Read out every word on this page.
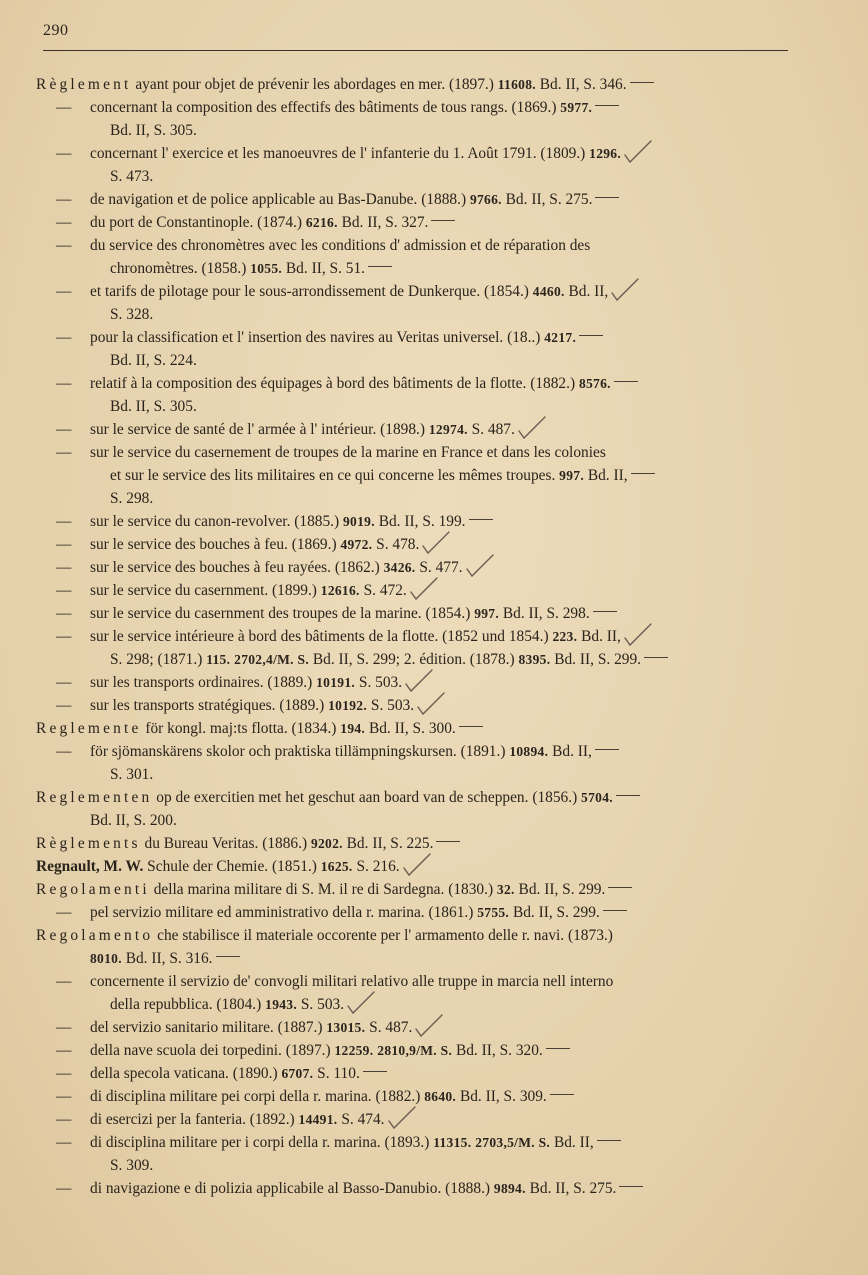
290
Règlement ayant pour objet de prévenir les abordages en mer. (1897.) 11608. Bd. II, S. 346.
— concernant la composition des effectifs des bâtiments de tous rangs. (1869.) 5977.
Bd. II, S. 305.
— concernant l' exercice et les manoeuvres de l' infanterie du 1. Août 1791. (1809.) 1296.
S. 473.
— de navigation et de police applicable au Bas-Danube. (1888.) 9766. Bd. II, S. 275.
— du port de Constantinople. (1874.) 6216. Bd. II, S. 327.
— du service des chronomètres avec les conditions d' admission et de réparation des
chronomètres. (1858.) 1055. Bd. II, S. 51.
— et tarifs de pilotage pour le sous-arrondissement de Dunkerque. (1854.) 4460. Bd. II,
S. 328.
— pour la classification et l' insertion des navires au Veritas universel. (18..) 4217.
Bd. II, S. 224.
— relatif à la composition des équipages à bord des bâtiments de la flotte. (1882.) 8576.
Bd. II, S. 305.
— sur le service de santé de l' armée à l' intérieur. (1898.) 12974. S. 487.
— sur le service du casernement de troupes de la marine en France et dans les colonies
et sur le service des lits militaires en ce qui concerne les mêmes troupes. 997. Bd. II,
S. 298.
— sur le service du canon-revolver. (1885.) 9019. Bd. II, S. 199.
— sur le service des bouches à feu. (1869.) 4972. S. 478.
— sur le service des bouches à feu rayées. (1862.) 3426. S. 477.
— sur le service du casernment. (1899.) 12616. S. 472.
— sur le service du casernment des troupes de la marine. (1854.) 997. Bd. II, S. 298.
— sur le service intérieure à bord des bâtiments de la flotte. (1852 und 1854.) 223. Bd. II,
S. 298; (1871.) 115. 2702,4/M. S. Bd. II, S. 299; 2. édition. (1878.) 8395. Bd. II, S. 299.
— sur les transports ordinaires. (1889.) 10191. S. 503.
— sur les transports stratégiques. (1889.) 10192. S. 503.
Reglemente för kongl. maj:ts flotta. (1834.) 194. Bd. II, S. 300.
— för sjömanskärens skolor och praktiska tillämpningskursen. (1891.) 10894. Bd. II,
S. 301.
Reglementen op de exercitien met het geschut aan board van de scheppen. (1856.) 5704.
Bd. II, S. 200.
Règlements du Bureau Veritas. (1886.) 9202. Bd. II, S. 225.
Regnault, M. W. Schule der Chemie. (1851.) 1625. S. 216.
Regolamenti della marina militare di S. M. il re di Sardegna. (1830.) 32. Bd. II, S. 299.
— pel servizio militare ed amministrativo della r. marina. (1861.) 5755. Bd. II, S. 299.
Regolamento che stabilisce il materiale occorente per l' armamento delle r. navi. (1873.)
8010. Bd. II, S. 316.
— concernente il servizio de' convogli militari relativo alle truppe in marcia nell interno
della repubblica. (1804.) 1943. S. 503.
— del servizio sanitario militare. (1887.) 13015. S. 487.
— della nave scuola dei torpedini. (1897.) 12259. 2810,9/M. S. Bd. II, S. 320.
— della specola vaticana. (1890.) 6707. S. 110.
— di disciplina militare pei corpi della r. marina. (1882.) 8640. Bd. II, S. 309.
— di esercizi per la fanteria. (1892.) 14491. S. 474.
— di disciplina militare per i corpi della r. marina. (1893.) 11315. 2703,5/M. S. Bd. II,
S. 309.
— di navigazione e di polizia applicabile al Basso-Danubio. (1888.) 9894. Bd. II, S. 275.
